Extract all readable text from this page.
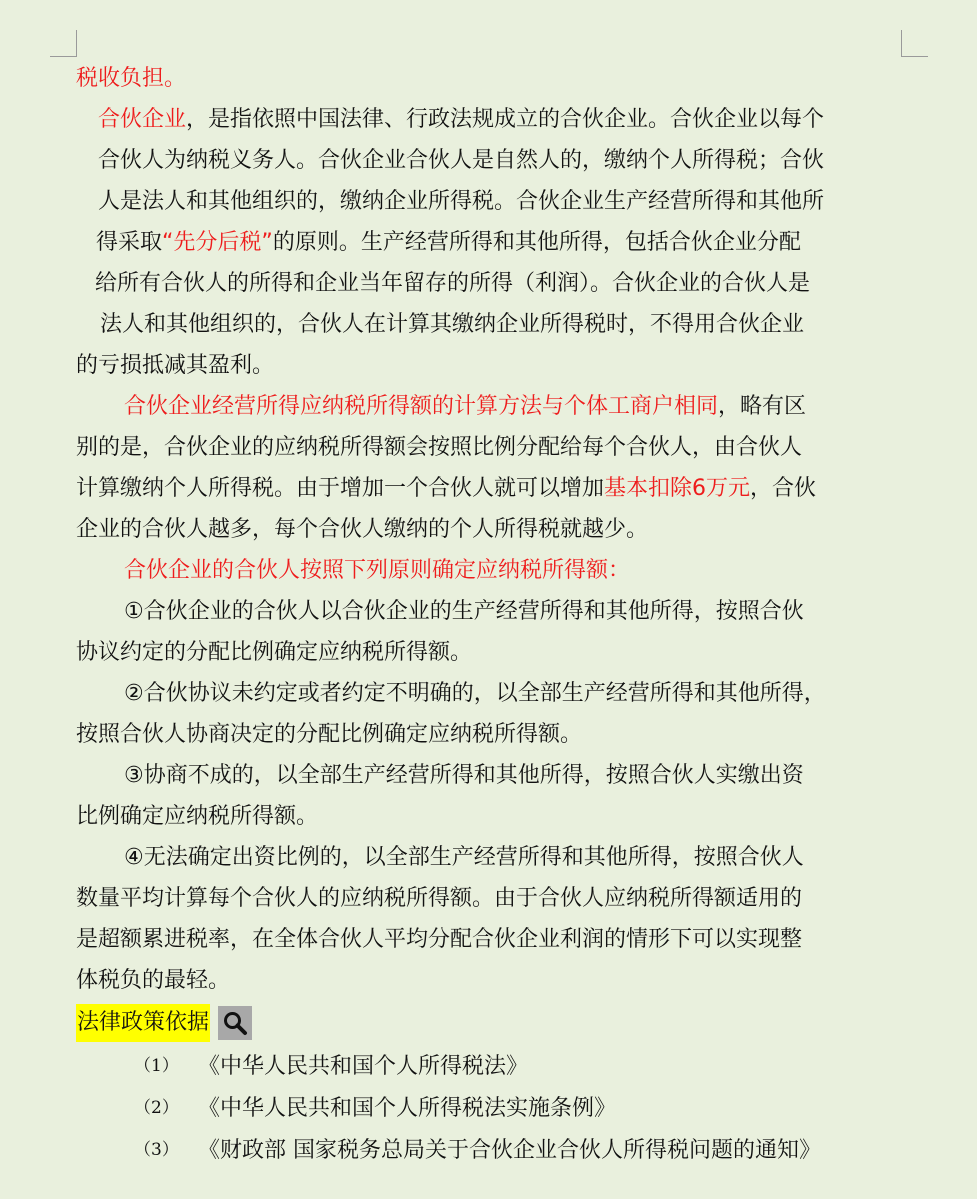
税收负担。
合伙企业，是指依照中国法律、行政法规成立的合伙企业。合伙企业以每个
合伙人为纳税义务人。合伙企业合伙人是自然人的，缴纳个人所得税；合伙
人是法人和其他组织的，缴纳企业所得税。合伙企业生产经营所得和其他所
得采取“先分后税”的原则。生产经营所得和其他所得，包括合伙企业分配
给所有合伙人的所得和企业当年留存的所得（利润）。合伙企业的合伙人是
法人和其他组织的，合伙人在计算其缴纳企业所得税时，不得用合伙企业
的亏损抵减其盈利。
合伙企业经营所得应纳税所得额的计算方法与个体工商户相同，略有区
别的是，合伙企业的应纳税所得额会按照比例分配给每个合伙人，由合伙人
计算缴纳个人所得税。由于增加一个合伙人就可以增加基本扣除6万元，合伙
企业的合伙人越多，每个合伙人缴纳的个人所得税就越少。
合伙企业的合伙人按照下列原则确定应纳税所得额：
①合伙企业的合伙人以合伙企业的生产经营所得和其他所得，按照合伙
协议约定的分配比例确定应纳税所得额。
②合伙协议未约定或者约定不明确的，以全部生产经营所得和其他所得，
按照合伙人协商决定的分配比例确定应纳税所得额。
③协商不成的，以全部生产经营所得和其他所得，按照合伙人实缴出资
比例确定应纳税所得额。
④无法确定出资比例的，以全部生产经营所得和其他所得，按照合伙人
数量平均计算每个合伙人的应纳税所得额。由于合伙人应纳税所得额适用的
是超额累进税率，在全体合伙人平均分配合伙企业利润的情形下可以实现整
体税负的最轻。
法律政策依据
（1） 《中华人民共和国个人所得税法》
（2） 《中华人民共和国个人所得税法实施条例》
（3） 《财政部 国家税务总局关于合伙企业合伙人所得税问题的通知》
